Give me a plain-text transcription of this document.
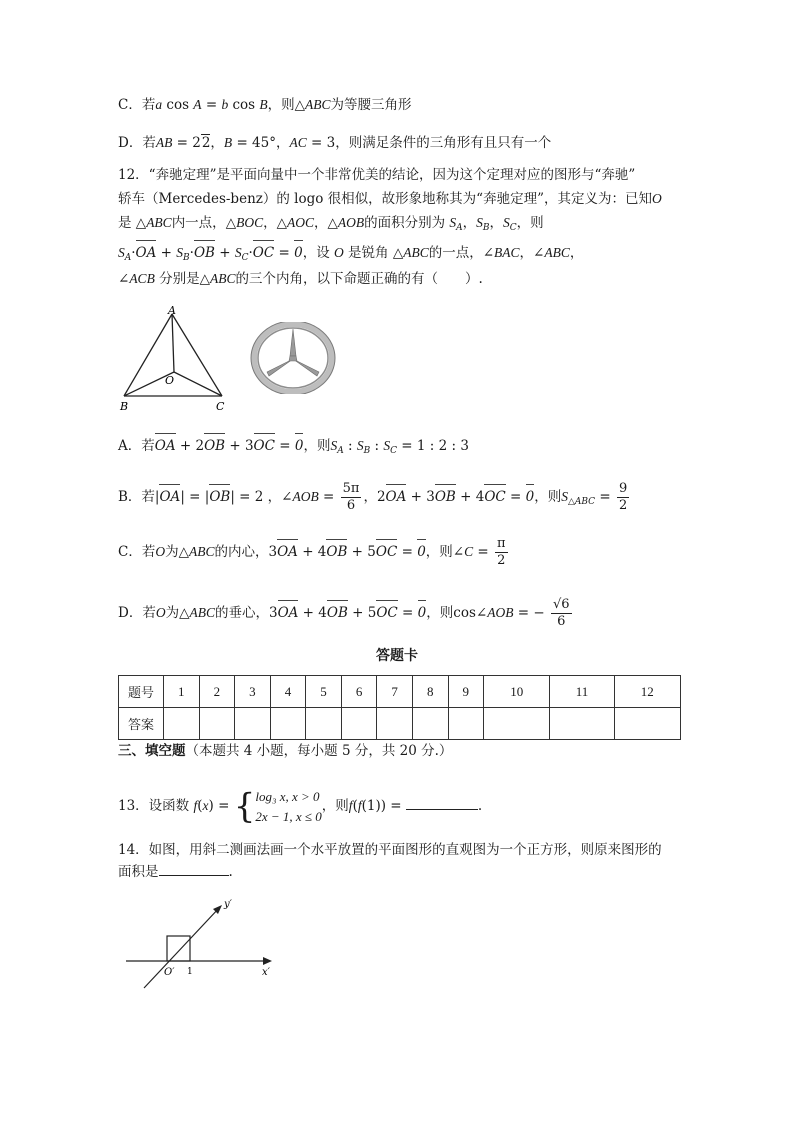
C．若a cos A = b cos B，则△ABC为等腰三角形
D．若AB = 22，B = 45°，AC = 3，则满足条件的三角形有且只有一个
12．“奔驰定理”是平面向量中一个非常优美的结论，因为这个定理对应的图形与“奔驰”
轿车（Mercedes-benz）的 logo 很相似，故形象地称其为“奔驰定理”，其定义为：已知O
是 △ABC内一点，△BOC，△AOC，△AOB的面积分别为 $S_A$，$S_B$，$S_C$，则
$S_A\cdot OA + S_B\cdot OB + S_C\cdot OC = 0$，设 O 是锐角 △ABC的一点，∠BAC，∠ABC，
∠ACB 分别是△ABC的三个内角，以下命题正确的有（　　）.
A
B	C
O
A．若OA + 2OB + 3OC = 0，则$S_A$ : $S_B$ : $S_C = 1$ : 2 : 3
B．若|OA| = |OB| = 2 ，∠AOB = $\frac{5\pi}{6}$ ，2OA + 3OB + 4OC = 0，则$S_{\triangle ABC} = \frac{9}{2}$
C．若O为△ABC的内心，3OA + 4OB + 5OC = 0，则∠C = $\frac{\pi}{2}$
D．若O为△ABC的垂心，3OA + 4OB + 5OC = 0，则cos∠AOB = − $\frac{√6}{6}$
答题卡
题号	1	2	3	4	5	6	7	8	9	10	11	12
答案												
三、填空题（本题共 4 小题，每小题 5 分，共 20 分.）
13．设函数 f(x) = { log₃ x, x > 0
2x − 1, x ≤ 0
，则f(f(1)) =	.
14．如图，用斜二测画法画一个水平放置的平面图形的直观图为一个正方形，则原来图形的
面积是	.
y′
x′
O′ 1
